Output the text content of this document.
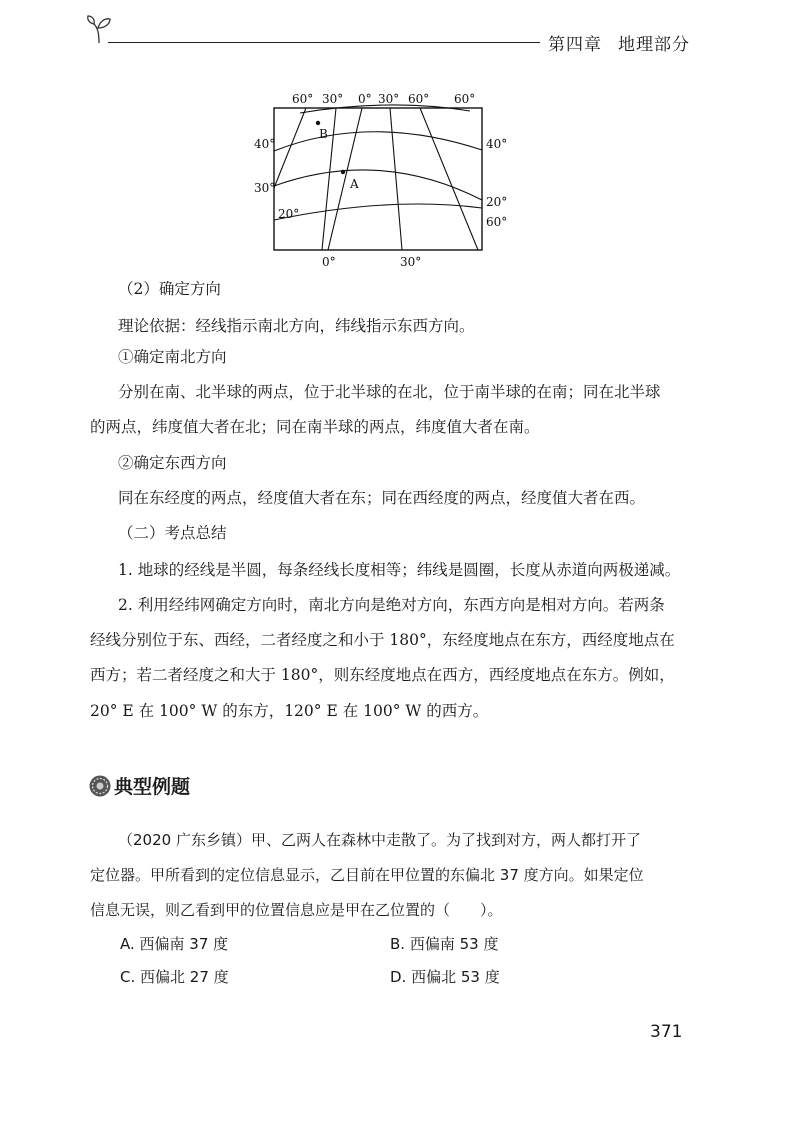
第四章 地理部分
B
A
60° 30° 0° 30° 60° 60°
40°
30°
20°
40°
20°
60°
0°	30°
（2）确定方向
理论依据：经线指示南北方向，纬线指示东西方向。
①确定南北方向
分别在南、北半球的两点，位于北半球的在北，位于南半球的在南；同在北半球
的两点，纬度值大者在北；同在南半球的两点，纬度值大者在南。
②确定东西方向
同在东经度的两点，经度值大者在东；同在西经度的两点，经度值大者在西。
（二）考点总结
1. 地球的经线是半圆，每条经线长度相等；纬线是圆圈，长度从赤道向两极递减。
2. 利用经纬网确定方向时，南北方向是绝对方向，东西方向是相对方向。若两条
经线分别位于东、西经，二者经度之和小于 180°，东经度地点在东方，西经度地点在
西方；若二者经度之和大于 180°，则东经度地点在西方，西经度地点在东方。例如，
20° E 在 100° W 的东方，120° E 在 100° W 的西方。
典型例题
（2020 广东乡镇）甲、乙两人在森林中走散了。为了找到对方，两人都打开了
定位器。甲所看到的定位信息显示，乙目前在甲位置的东偏北 37 度方向。如果定位
信息无误，则乙看到甲的位置信息应是甲在乙位置的（　　）。
A. 西偏南 37 度	B. 西偏南 53 度
C. 西偏北 27 度	D. 西偏北 53 度
371
